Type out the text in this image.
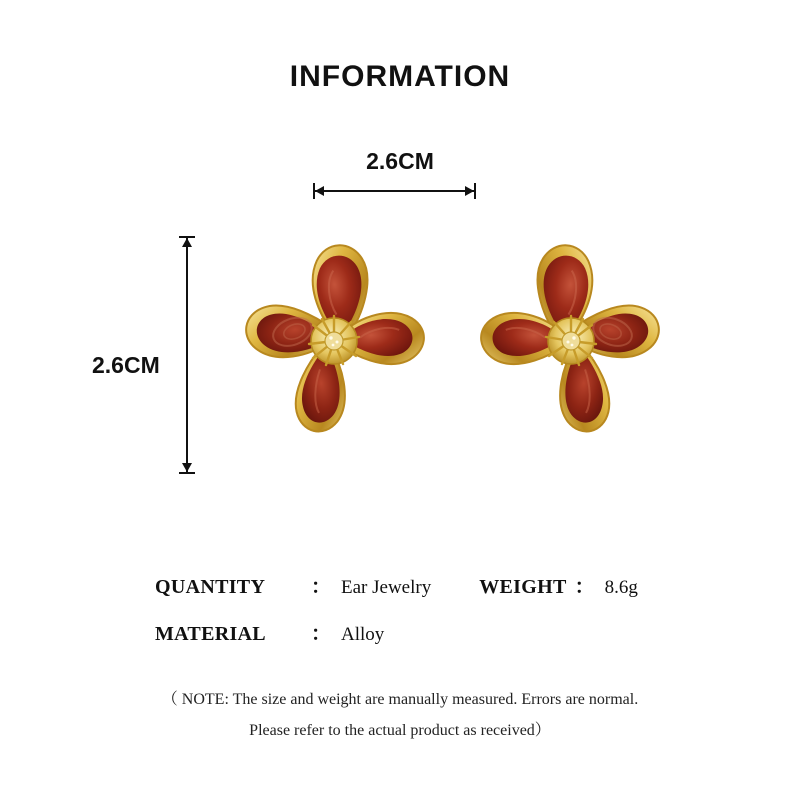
INFORMATION
2.6CM
2.6CM
QUANTITY	： Ear Jewelry WEIGHT ： 8.6g
MATERIAL	： Alloy
（ NOTE: The size and weight are manually measured. Errors are normal.
Please refer to the actual product as received）
